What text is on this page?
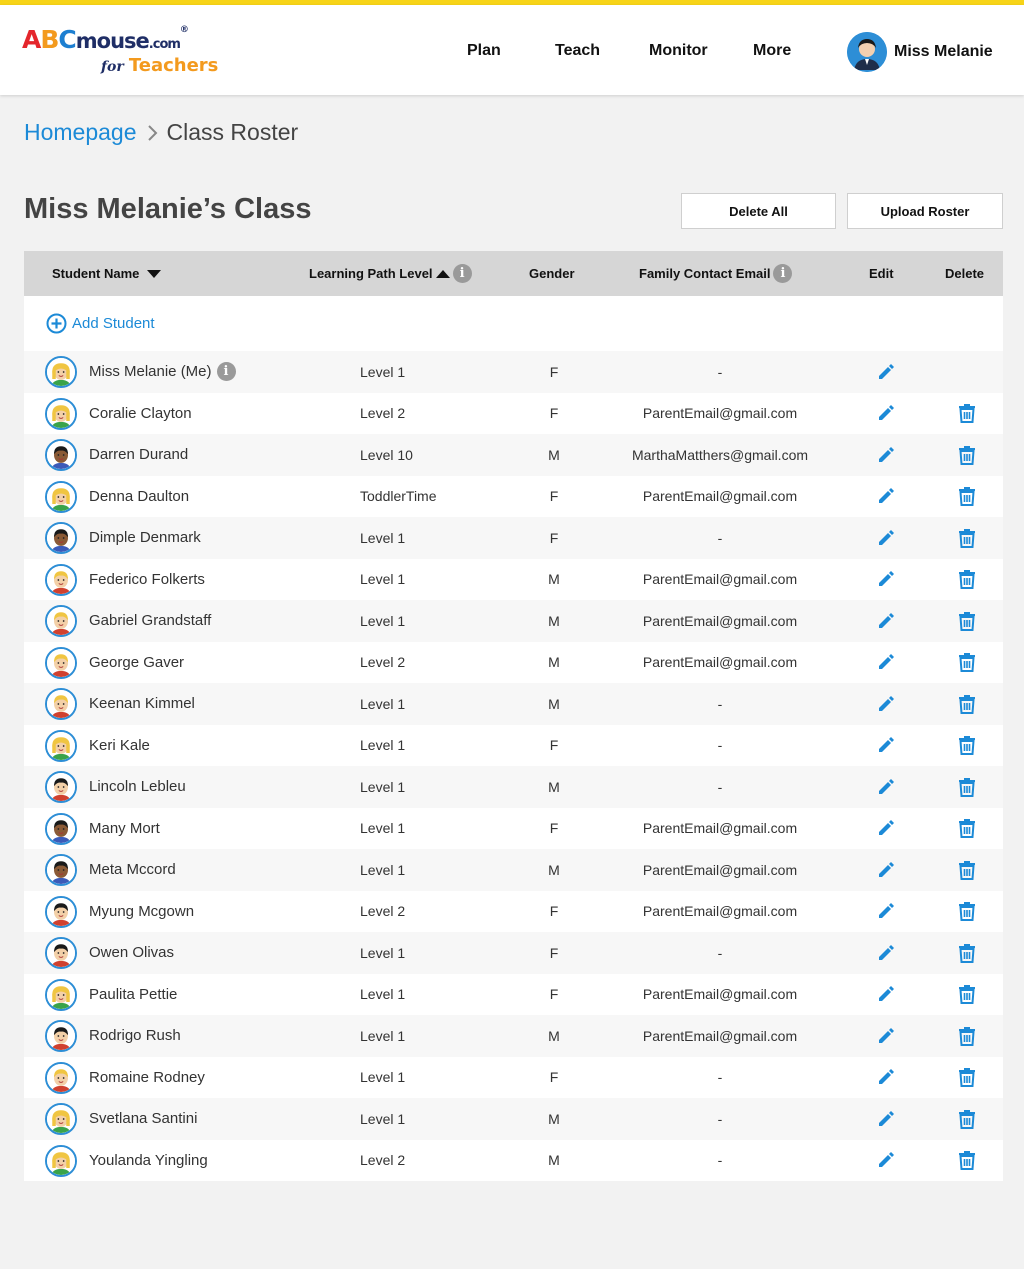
ABCmouse.com®
for Teachers
Plan	Teach	Monitor	More	Miss Melanie
Homepage Class Roster
Miss Melanie’s Class	Delete All	Upload Roster
Student Name	Learning Path Level	i	Gender	Family Contact Email i	Edit	Delete
Add Student
Miss Melanie (Me) i	Level 1	F	-
Coralie Clayton	Level 2	F	ParentEmail@gmail.com
Darren Durand	Level 10	M	MarthaMatthers@gmail.com
Denna Daulton	ToddlerTime	F	ParentEmail@gmail.com
Dimple Denmark	Level 1	F	-
Federico Folkerts	Level 1	M	ParentEmail@gmail.com
Gabriel Grandstaff	Level 1	M	ParentEmail@gmail.com
George Gaver	Level 2	M	ParentEmail@gmail.com
Keenan Kimmel	Level 1	M	-
Keri Kale	Level 1	F	-
Lincoln Lebleu	Level 1	M	-
Many Mort	Level 1	F	ParentEmail@gmail.com
Meta Mccord	Level 1	M	ParentEmail@gmail.com
Myung Mcgown	Level 2	F	ParentEmail@gmail.com
Owen Olivas	Level 1	F	-
Paulita Pettie	Level 1	F	ParentEmail@gmail.com
Rodrigo Rush	Level 1	M	ParentEmail@gmail.com
Romaine Rodney	Level 1	F	-
Svetlana Santini	Level 1	M	-
Youlanda Yingling	Level 2	M	-
